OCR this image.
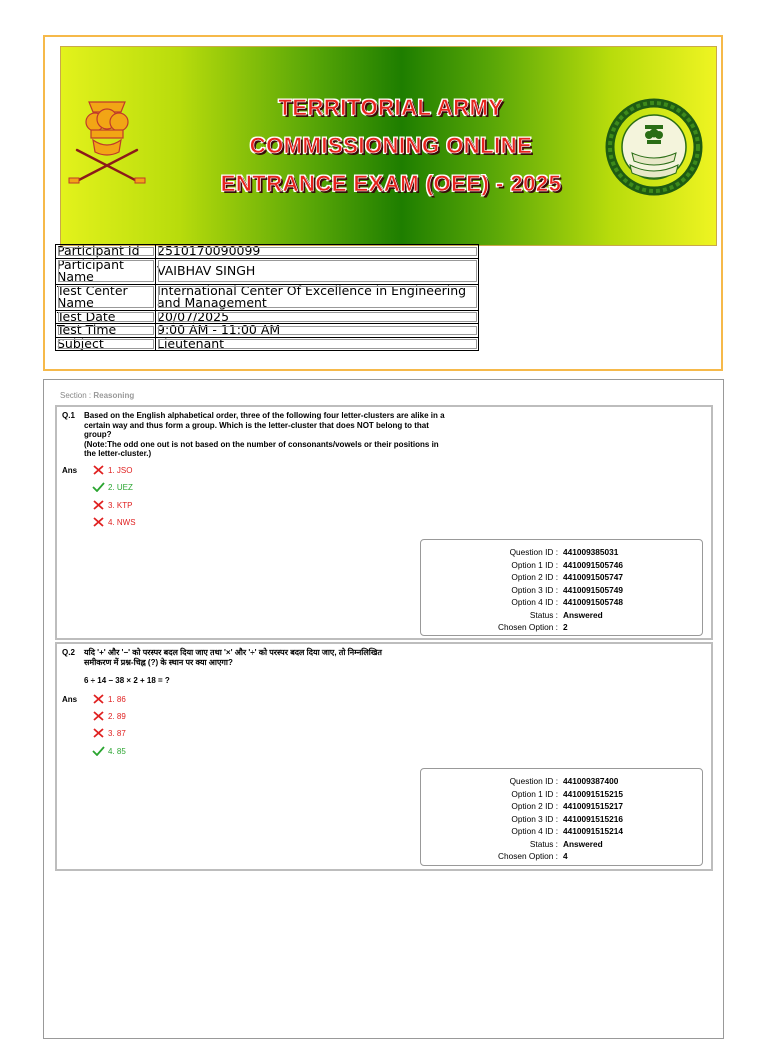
TERRITORIAL ARMY
COMMISSIONING ONLINE
ENTRANCE EXAM (OEE) - 2025
Participant Id	2510170090099
Participant Name	VAIBHAV SINGH
Test Center Name	International Center Of Excellence in Engineering and Management
Test Date	20/07/2025
Test Time	9:00 AM - 11:00 AM
Subject	Lieutenant
Section : Reasoning
Q.1 Based on the English alphabetical order, three of the following four letter-clusters are alike in a
certain way and thus form a group. Which is the letter-cluster that does NOT belong to that
group?
(Note:The odd one out is not based on the number of consonants/vowels or their positions in
the letter-cluster.)
Ans	1. JSO
2. UEZ
3. KTP
4. NWS
Question ID : 441009385031
Option 1 ID : 4410091505746
Option 2 ID : 4410091505747
Option 3 ID : 4410091505749
Option 4 ID : 4410091505748
Status : Answered
Chosen Option : 2
Q.2 यदि '+' और '−' को परस्पर बदल दिया जाए तथा '×' और '÷' को परस्पर बदल दिया जाए, तो निम्नलिखित
समीकरण में प्रश्न-चिह्न (?) के स्थान पर क्या आएगा?
6 ÷ 14 − 38 × 2 + 18 = ?
Ans	1. 86
2. 89
3. 87
4. 85
Question ID : 441009387400
Option 1 ID : 4410091515215
Option 2 ID : 4410091515217
Option 3 ID : 4410091515216
Option 4 ID : 4410091515214
Status : Answered
Chosen Option : 4
